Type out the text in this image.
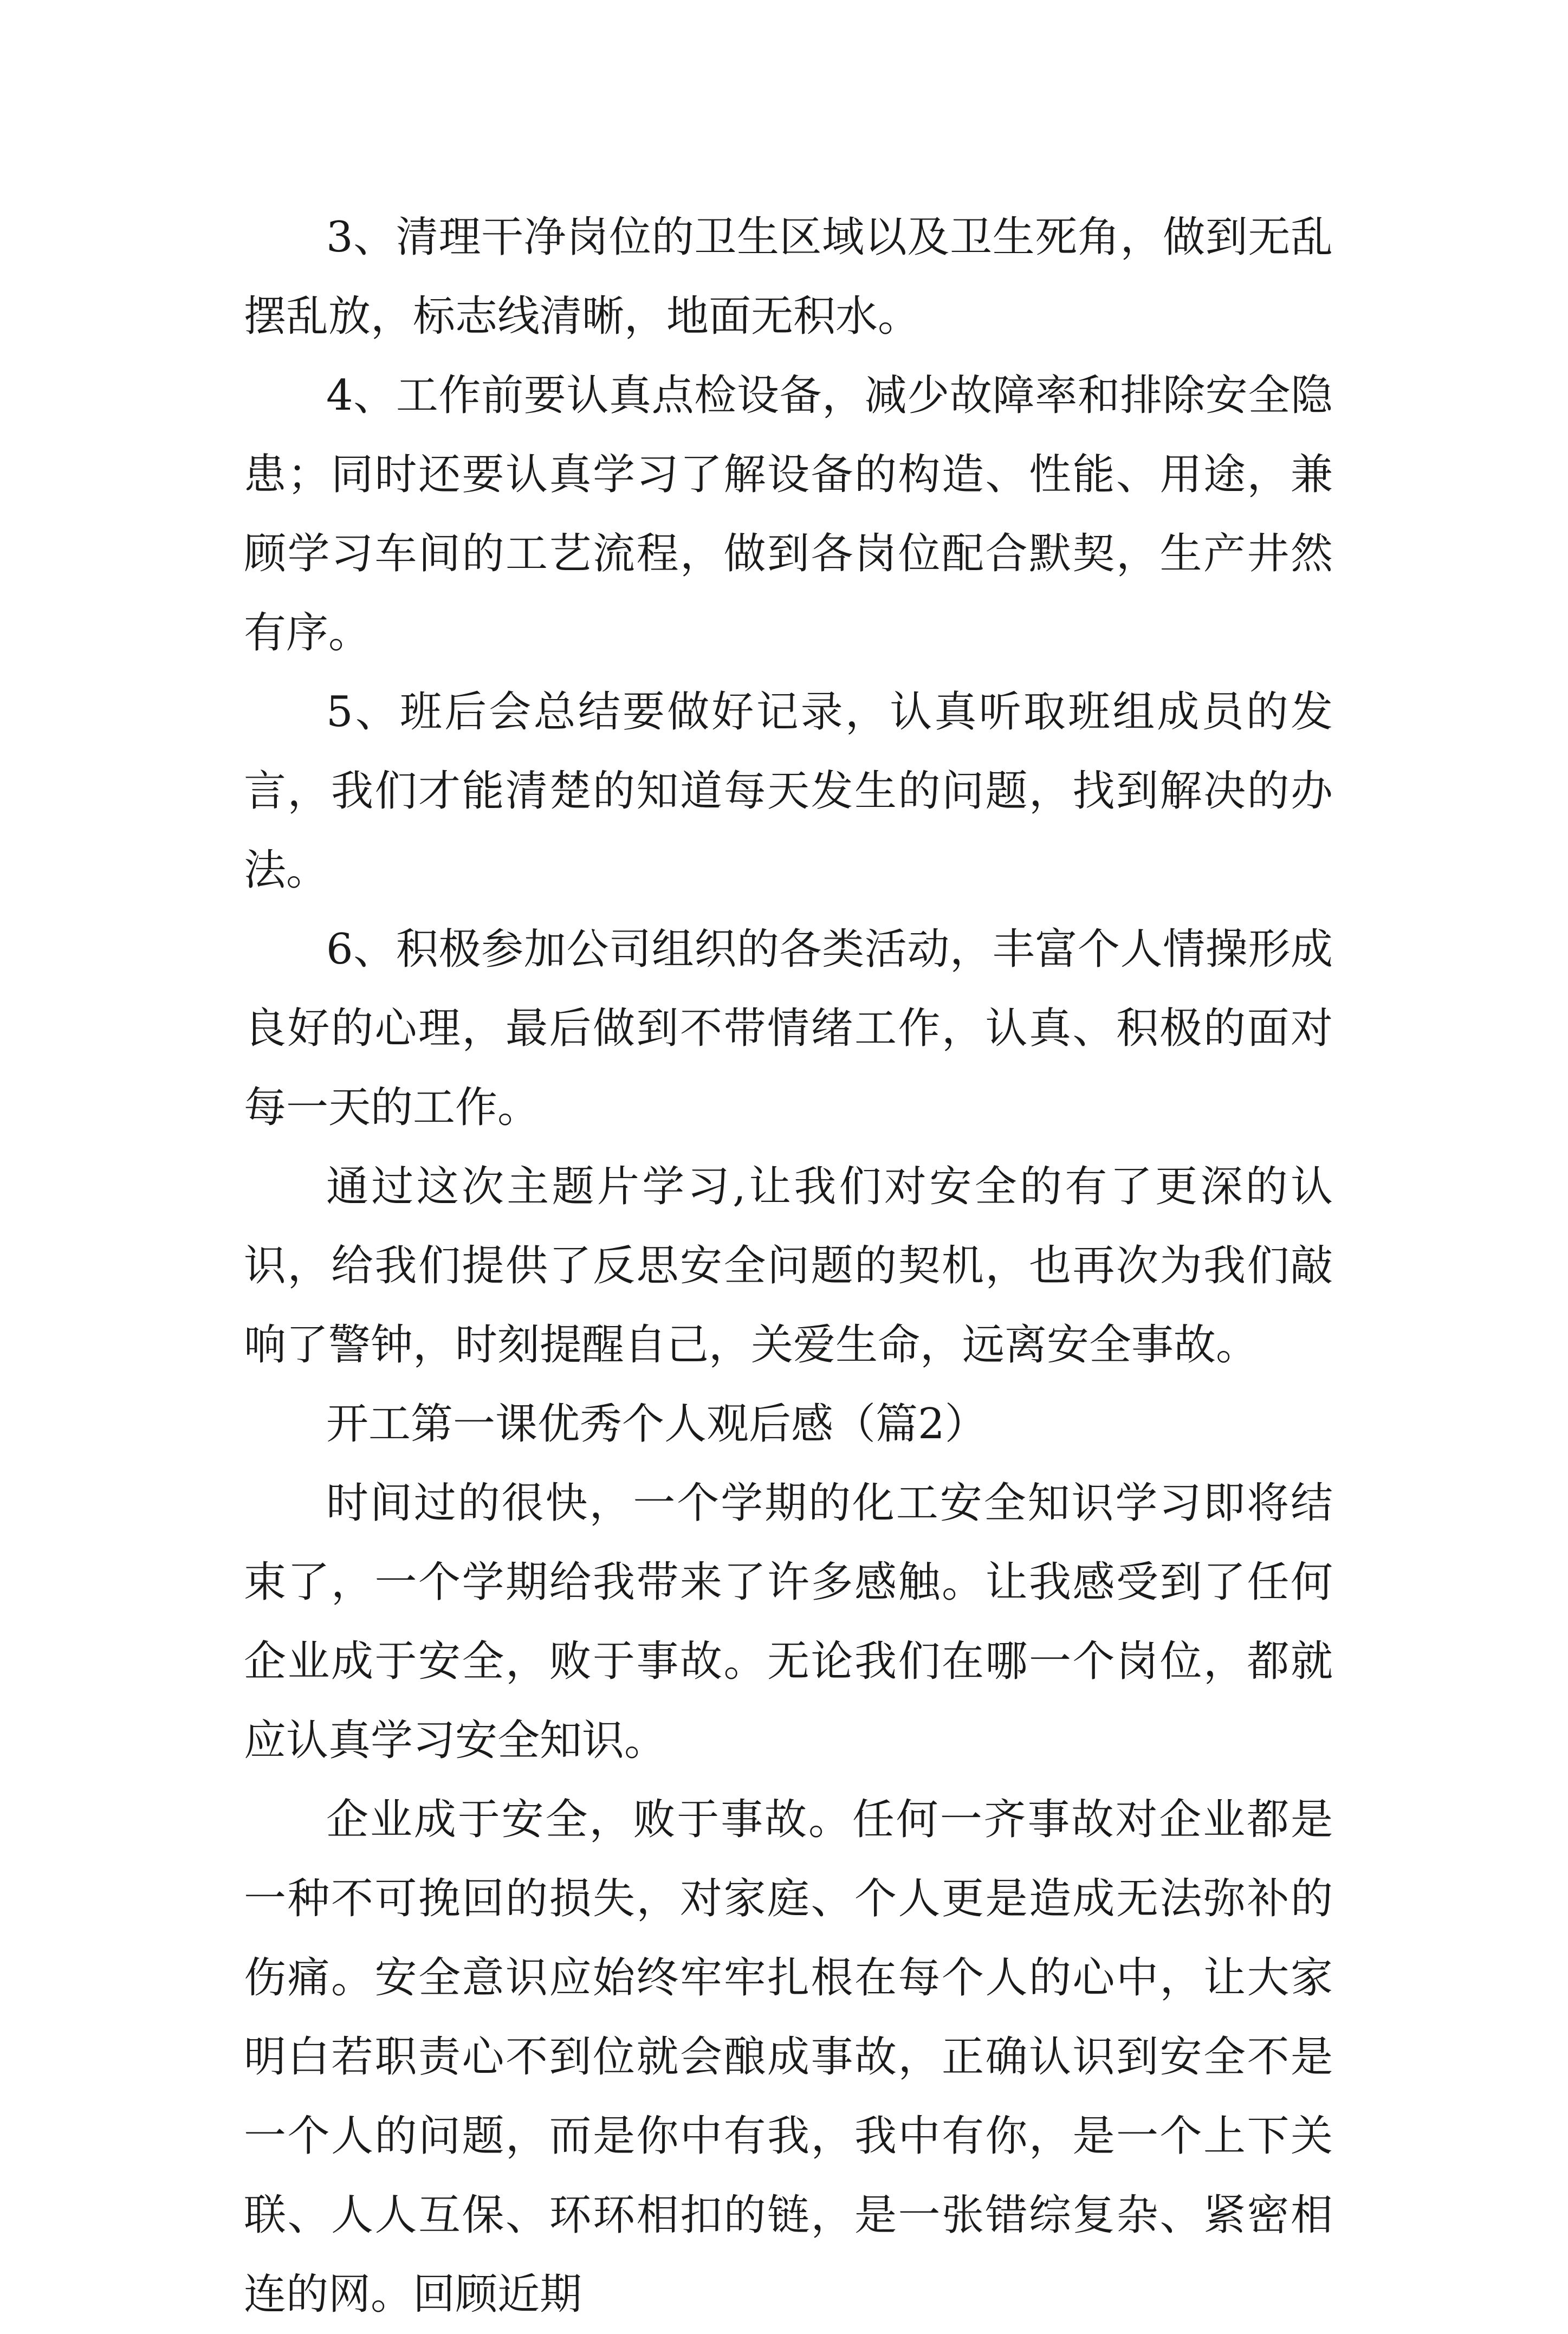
3、清理干净岗位的卫生区域以及卫生死角，做到无乱摆乱放，标志线清晰，地面无积水。

4、工作前要认真点检设备，减少故障率和排除安全隐患；同时还要认真学习了解设备的构造、性能、用途，兼顾学习车间的工艺流程，做到各岗位配合默契，生产井然有序。

5、班后会总结要做好记录，认真听取班组成员的发言，我们才能清楚的知道每天发生的问题，找到解决的办法。

6、积极参加公司组织的各类活动，丰富个人情操形成良好的心理，最后做到不带情绪工作，认真、积极的面对每一天的工作。

通过这次主题片学习,让我们对安全的有了更深的认识，给我们提供了反思安全问题的契机，也再次为我们敲响了警钟，时刻提醒自己，关爱生命，远离安全事故。

开工第一课优秀个人观后感（篇2）

时间过的很快，一个学期的化工安全知识学习即将结束了，一个学期给我带来了许多感触。让我感受到了任何企业成于安全，败于事故。无论我们在哪一个岗位，都就应认真学习安全知识。

企业成于安全，败于事故。任何一齐事故对企业都是一种不可挽回的损失，对家庭、个人更是造成无法弥补的伤痛。安全意识应始终牢牢扎根在每个人的心中，让大家明白若职责心不到位就会酿成事故，正确认识到安全不是一个人的问题，而是你中有我，我中有你，是一个上下关联、人人互保、环环相扣的链，是一张错综复杂、紧密相连的网。回顾近期
